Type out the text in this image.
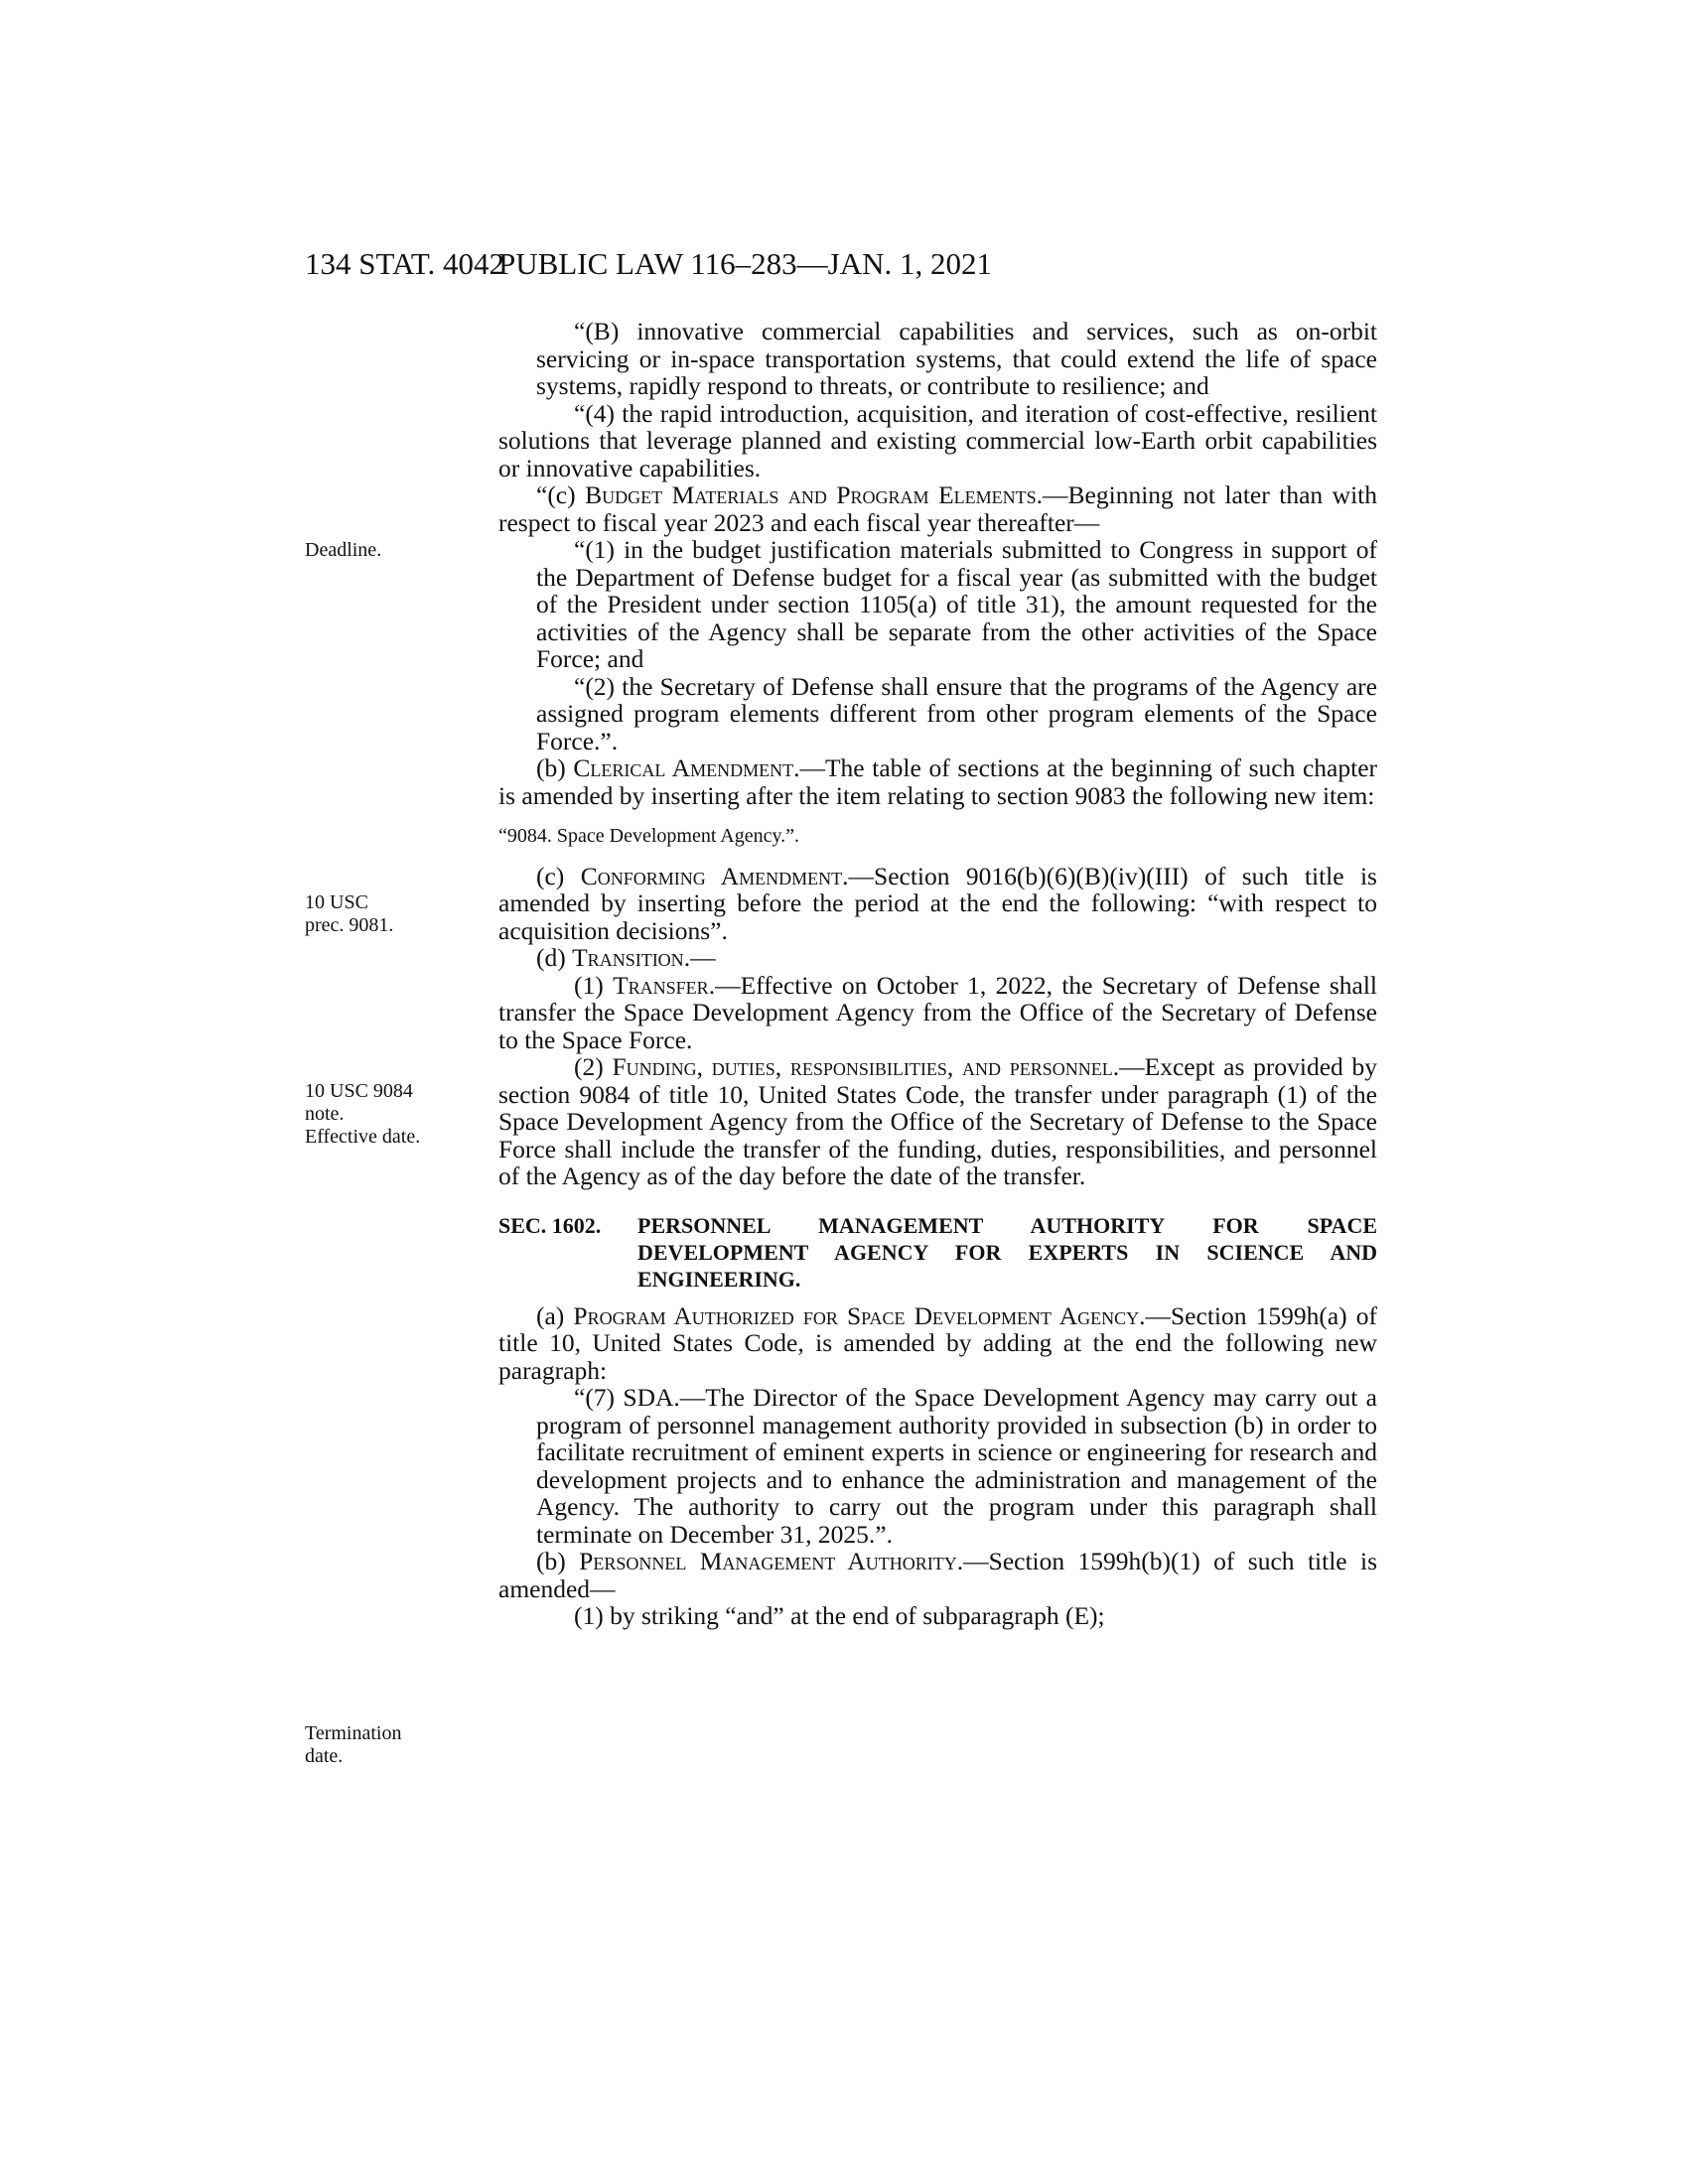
134 STAT. 4042
PUBLIC LAW 116–283—JAN. 1, 2021
Deadline.
10 USC
prec. 9081.
10 USC 9084
note.
Effective date.
Termination
date.

“(B) innovative commercial capabilities and services, such as on-orbit servicing or in-space transportation systems, that could extend the life of space systems, rapidly respond to threats, or contribute to resilience; and

“(4) the rapid introduction, acquisition, and iteration of cost-effective, resilient solutions that leverage planned and existing commercial low-Earth orbit capabilities or innovative capabilities.

“(c) Budget Materials and Program Elements.—Beginning not later than with respect to fiscal year 2023 and each fiscal year thereafter—

“(1) in the budget justification materials submitted to Congress in support of the Department of Defense budget for a fiscal year (as submitted with the budget of the President under section 1105(a) of title 31), the amount requested for the activities of the Agency shall be separate from the other activities of the Space Force; and

“(2) the Secretary of Defense shall ensure that the programs of the Agency are assigned program elements different from other program elements of the Space Force.”.

(b) Clerical Amendment.—The table of sections at the beginning of such chapter is amended by inserting after the item relating to section 9083 the following new item:

“9084. Space Development Agency.”.

(c) Conforming Amendment.—Section 9016(b)(6)(B)(iv)(III) of such title is amended by inserting before the period at the end the following: “with respect to acquisition decisions”.

(d) Transition.—

(1) Transfer.—Effective on October 1, 2022, the Secretary of Defense shall transfer the Space Development Agency from the Office of the Secretary of Defense to the Space Force.

(2) Funding, duties, responsibilities, and personnel.—Except as provided by section 9084 of title 10, United States Code, the transfer under paragraph (1) of the Space Development Agency from the Office of the Secretary of Defense to the Space Force shall include the transfer of the funding, duties, responsibilities, and personnel of the Agency as of the day before the date of the transfer.

SEC. 1602.	PERSONNEL MANAGEMENT AUTHORITY FOR SPACE DEVELOPMENT AGENCY FOR EXPERTS IN SCIENCE AND ENGINEERING.

(a) Program Authorized for Space Development Agency.—Section 1599h(a) of title 10, United States Code, is amended by adding at the end the following new paragraph:

“(7) SDA.—The Director of the Space Development Agency may carry out a program of personnel management authority provided in subsection (b) in order to facilitate recruitment of eminent experts in science or engineering for research and development projects and to enhance the administration and management of the Agency. The authority to carry out the program under this paragraph shall terminate on December 31, 2025.”.

(b) Personnel Management Authority.—Section 1599h(b)(1) of such title is amended—

(1) by striking “and” at the end of subparagraph (E);
